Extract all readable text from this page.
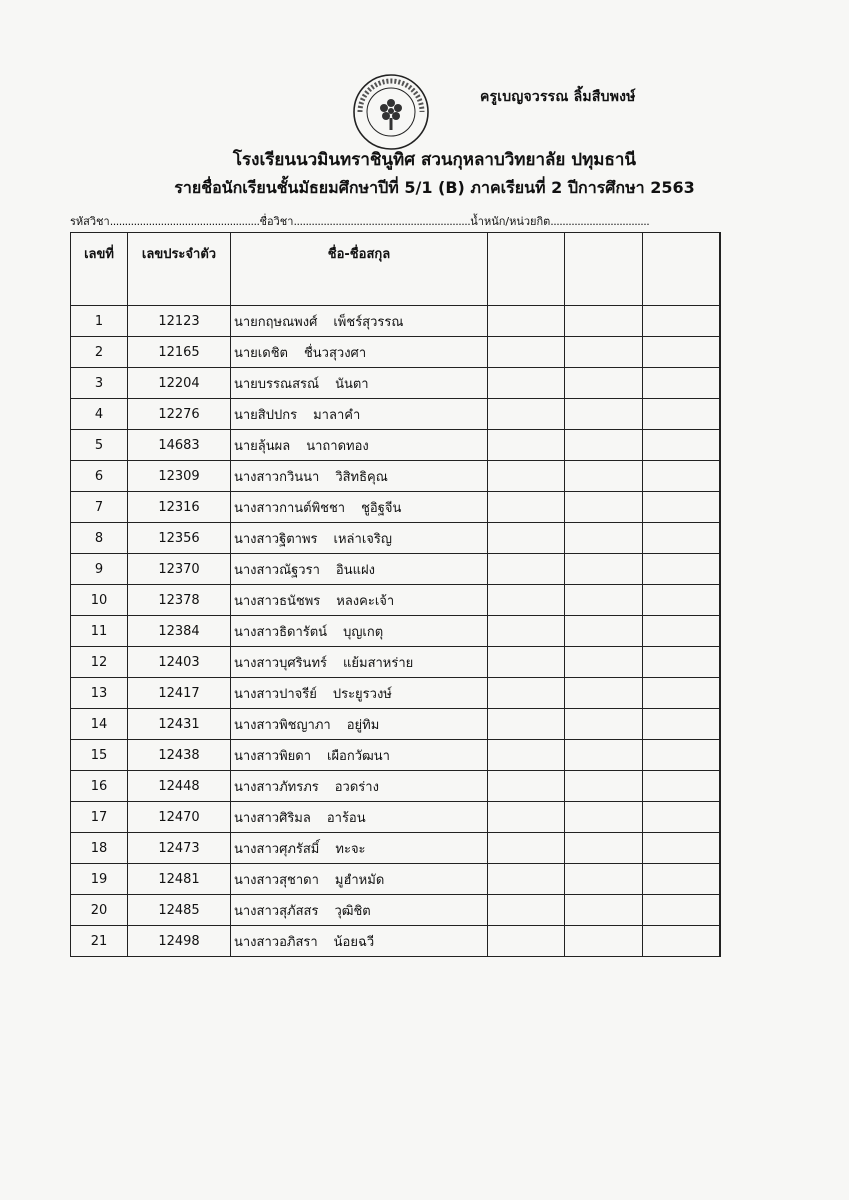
ครูเบญจวรรณ ลิ้มสืบพงษ์
โรงเรียนนวมินทราชินูทิศ สวนกุหลาบวิทยาลัย ปทุมธานี
รายชื่อนักเรียนชั้นมัธยมศึกษาปีที่ 5/1 (B) ภาคเรียนที่ 2 ปีการศึกษา 2563
รหัสวิชา..................................................ชื่อวิชา...........................................................น้ำหนัก/หน่วยกิต.................................
เลขที่	เลขประจำตัว	ชื่อ-ชื่อสกุล				
1	12123	นายกฤษณพงศ์ เพ็ชร์สุวรรณ				
2	12165	นายเดชิต ชื่นวสุวงศา				
3	12204	นายบรรณสรณ์ นันตา				
4	12276	นายสิปปกร มาลาคำ				
5	14683	นายลุ้นผล นาถาดทอง				
6	12309	นางสาวกวินนา วิสิทธิคุณ				
7	12316	นางสาวกานต์พิชชา ชูอิฐจีน				
8	12356	นางสาวฐิตาพร เหล่าเจริญ				
9	12370	นางสาวณัฐวรา อินแฝง				
10	12378	นางสาวธนัชพร หลงคะเจ้า				
11	12384	นางสาวธิดารัตน์ บุญเกตุ				
12	12403	นางสาวบุศรินทร์ แย้มสาหร่าย				
13	12417	นางสาวปาจรีย์ ประยูรวงษ์				
14	12431	นางสาวพิชญาภา อยู่ทิม				
15	12438	นางสาวพิยดา เผือกวัฒนา				
16	12448	นางสาวภัทรภร อวดร่าง				
17	12470	นางสาวศิริมล อาร้อน				
18	12473	นางสาวศุภรัสมิ์ ทะจะ				
19	12481	นางสาวสุชาดา มูฮำหมัด				
20	12485	นางสาวสุภัสสร วุฒิชิต				
21	12498	นางสาวอภิสรา น้อยฉวี				
